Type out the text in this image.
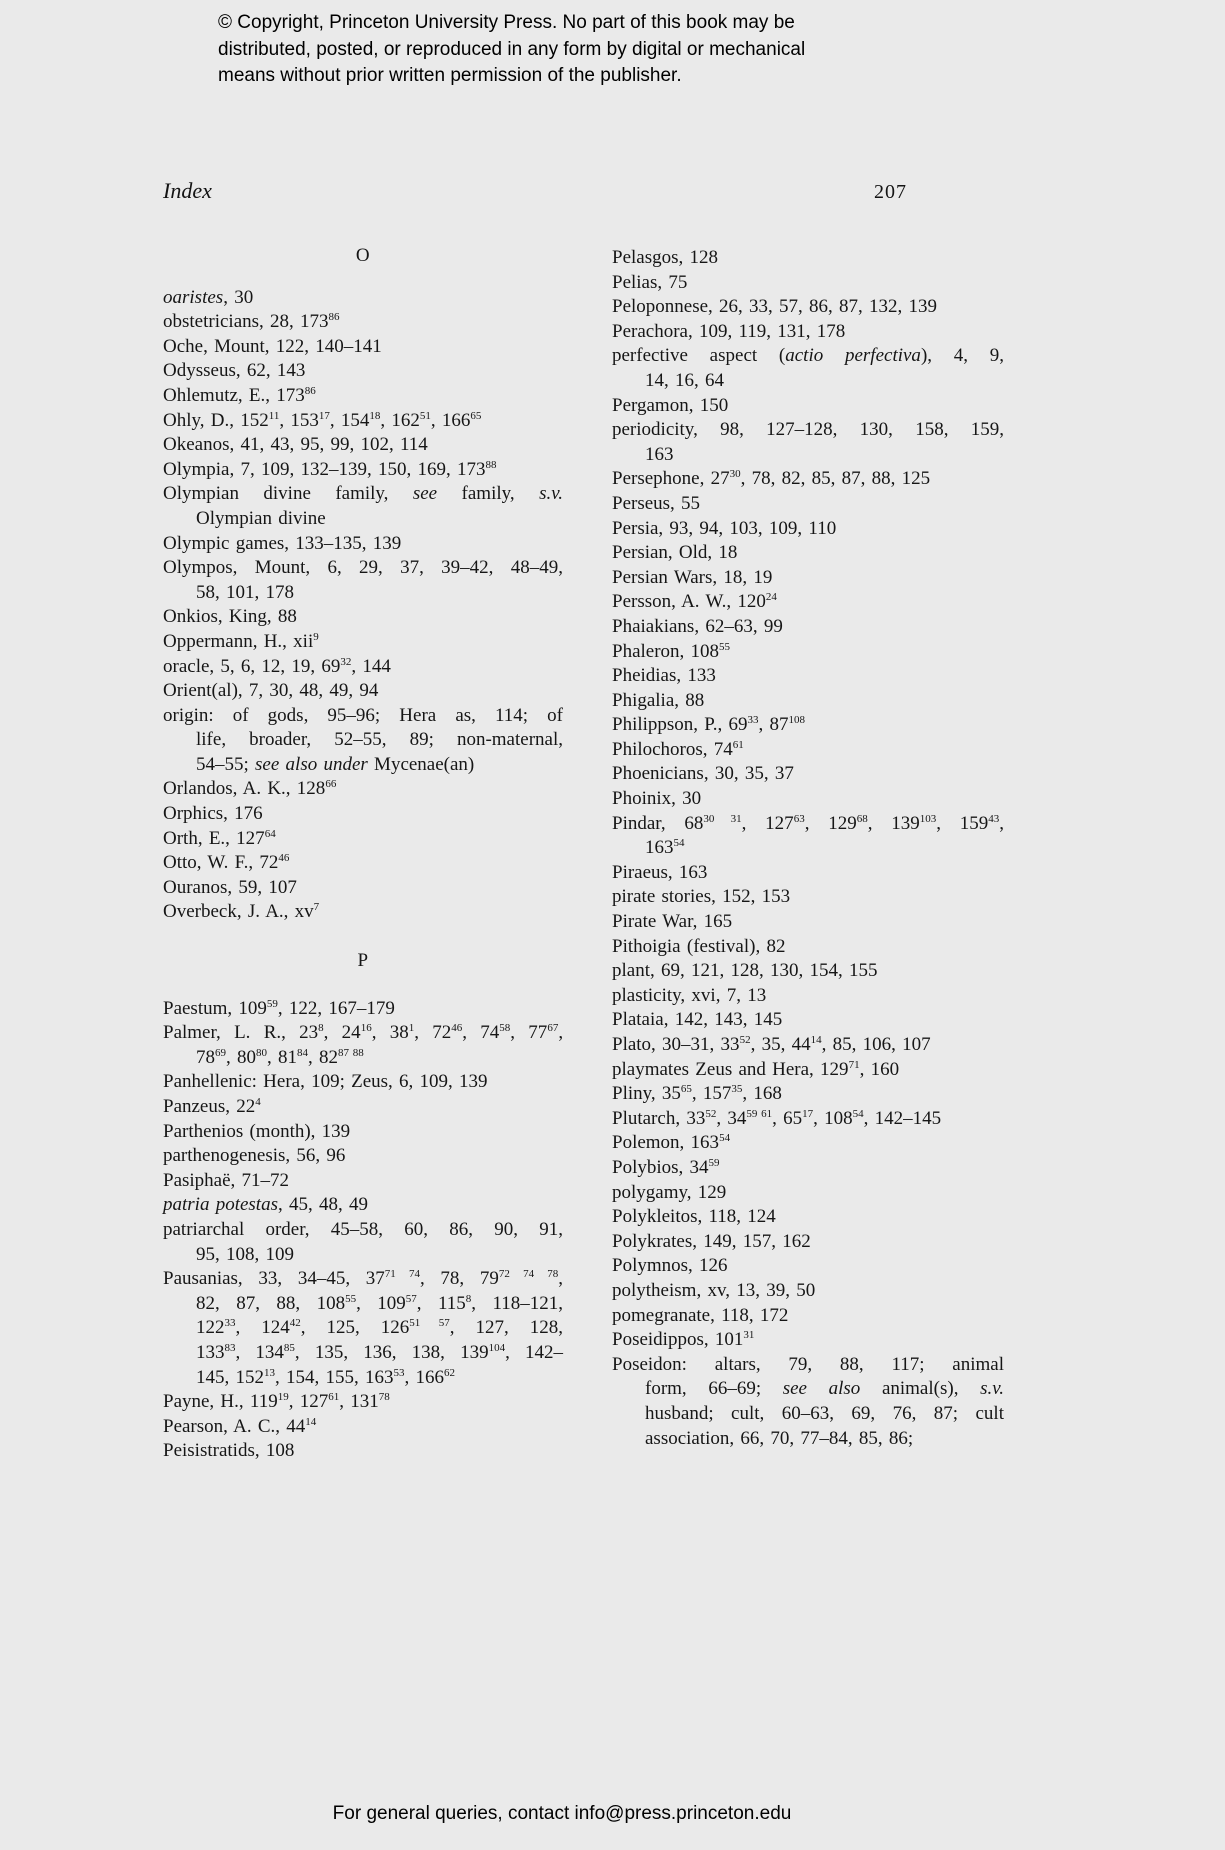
© Copyright, Princeton University Press. No part of this book may be
distributed, posted, or reproduced in any form by digital or mechanical
means without prior written permission of the publisher.
Index	207
O
oaristes, 30
obstetricians, 28, $173^{86}$
Oche, Mount, 122, 140–141
Odysseus, 62, 143
Ohlemutz, E., $173^{86}$
Ohly, D., $152^{11}$, $153^{17}$, $154^{18}$, $162^{51}$, $166^{65}$
Okeanos, 41, 43, 95, 99, 102, 114
Olympia, 7, 109, 132–139, 150, 169, $173^{88}$
Olympian divine family, see family, s.v.
Olympian divine
Olympic games, 133–135, 139
Olympos, Mount, 6, 29, 37, 39–42, 48–49,
58, 101, 178
Onkios, King, 88
Oppermann, H., xii$^9$
oracle, 5, 6, 12, 19, $69^{32}$, 144
Orient(al), 7, 30, 48, 49, 94
origin: of gods, 95–96; Hera as, 114; of
life, broader, 52–55, 89; non-maternal,
54–55; see also under Mycenae(an)
Orlandos, A. K., $128^{66}$
Orphics, 176
Orth, E., $127^{64}$
Otto, W. F., $72^{46}$
Ouranos, 59, 107
Overbeck, J. A., $xv^7$
P
Paestum, $109^{59}$, 122, 167–179
Palmer, L. R., $23^8$, $24^{16}$, $38^1$, $72^{46}$, $74^{58}$, $77^{67}$,
$78^{69}$, $80^{80}$, $81^{84}$, $82^{87 88}$
Panhellenic: Hera, 109; Zeus, 6, 109, 139
Panzeus, $22^4$
Parthenios (month), 139
parthenogenesis, 56, 96
Pasiphaë, 71–72
patria potestas, 45, 48, 49
patriarchal order, 45–58, 60, 86, 90, 91,
95, 108, 109
Pausanias, 33, 34–45, $37^{71 74}$, 78, $79^{72 74 78}$,
82, 87, 88, $108^{55}$, $109^{57}$, $115^8$, 118–121,
$122^{33}$, $124^{42}$, 125, $126^{51 57}$, 127, 128,
$133^{83}$, $134^{85}$, 135, 136, 138, $139^{104}$, 142–
145, $152^{13}$, 154, 155, $163^{53}$, $166^{62}$
Payne, H., $119^{19}$, $127^{61}$, $131^{78}$
Pearson, A. C., $44^{14}$
Peisistratids, 108
Pelasgos, 128
Pelias, 75
Peloponnese, 26, 33, 57, 86, 87, 132, 139
Perachora, 109, 119, 131, 178
perfective aspect (actio perfectiva), 4, 9,
14, 16, 64
Pergamon, 150
periodicity, 98, 127–128, 130, 158, 159,
163
Persephone, $27^{30}$, 78, 82, 85, 87, 88, 125
Perseus, 55
Persia, 93, 94, 103, 109, 110
Persian, Old, 18
Persian Wars, 18, 19
Persson, A. W., $120^{24}$
Phaiakians, 62–63, 99
Phaleron, $108^{55}$
Pheidias, 133
Phigalia, 88
Philippson, P., $69^{33}$, $87^{108}$
Philochoros, $74^{61}$
Phoenicians, 30, 35, 37
Phoinix, 30
Pindar, $68^{30 31}$, $127^{63}$, $129^{68}$, $139^{103}$, $159^{43}$,
$163^{54}$
Piraeus, 163
pirate stories, 152, 153
Pirate War, 165
Pithoigia (festival), 82
plant, 69, 121, 128, 130, 154, 155
plasticity, xvi, 7, 13
Plataia, 142, 143, 145
Plato, 30–31, $33^{52}$, 35, $44^{14}$, 85, 106, 107
playmates Zeus and Hera, $129^{71}$, 160
Pliny, $35^{65}$, $157^{35}$, 168
Plutarch, $33^{52}$, $34^{59 61}$, $65^{17}$, $108^{54}$, 142–145
Polemon, $163^{54}$
Polybios, $34^{59}$
polygamy, 129
Polykleitos, 118, 124
Polykrates, 149, 157, 162
Polymnos, 126
polytheism, xv, 13, 39, 50
pomegranate, 118, 172
Poseidippos, $101^{31}$
Poseidon: altars, 79, 88, 117; animal
form, 66–69; see also animal(s), s.v.
husband; cult, 60–63, 69, 76, 87; cult
association, 66, 70, 77–84, 85, 86;
For general queries, contact info@press.princeton.edu
